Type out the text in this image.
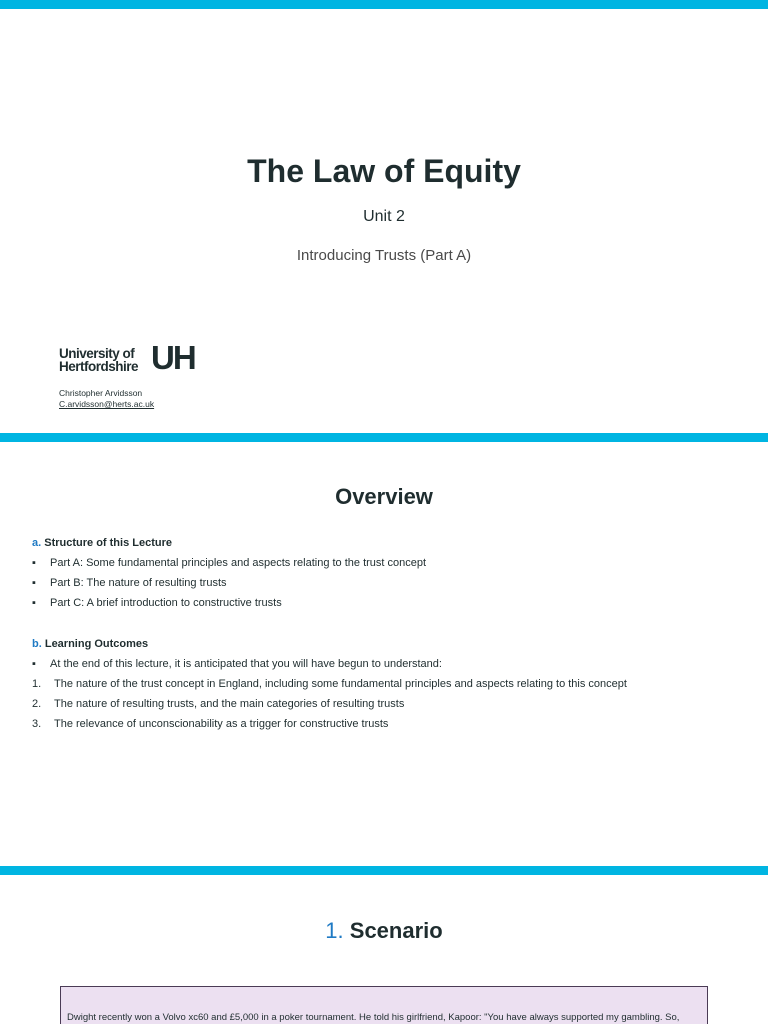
The Law of Equity
Unit 2
Introducing Trusts (Part A)
University of
Hertfordshire UH
Christopher Arvidsson
C.arvidsson@herts.ac.uk
Overview
a. Structure of this Lecture
▪ Part A: Some fundamental principles and aspects relating to the trust concept
▪ Part B: The nature of resulting trusts
▪ Part C: A brief introduction to constructive trusts
b. Learning Outcomes
▪ At the end of this lecture, it is anticipated that you will have begun to understand:
1. The nature of the trust concept in England, including some fundamental principles and aspects relating to this concept
2. The nature of resulting trusts, and the main categories of resulting trusts
3. The relevance of unconscionability as a trigger for constructive trusts
1. Scenario
Dwight recently won a Volvo xc60 and £5,000 in a poker tournament. He told his girlfriend, Kapoor: "You have always supported my gambling. So,
